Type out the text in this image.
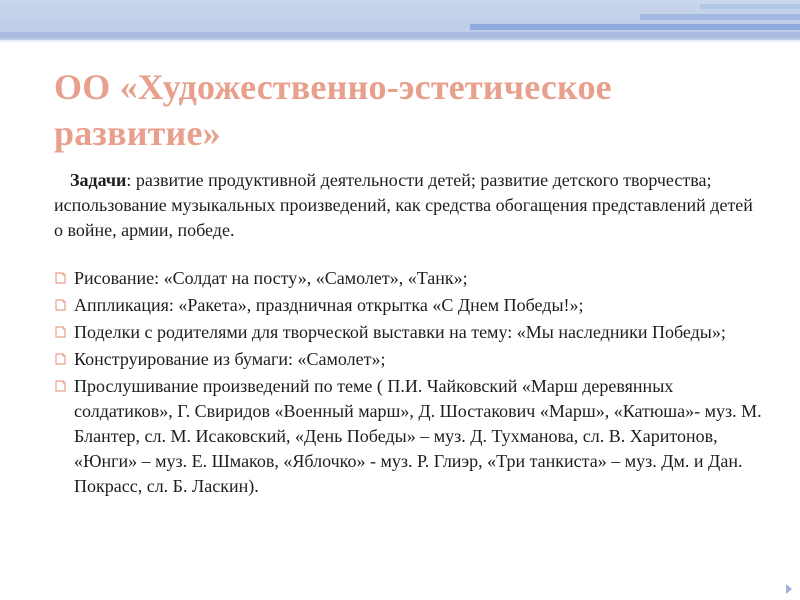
ОО «Художественно-эстетическое развитие»

Задачи: развитие продуктивной деятельности детей; развитие детского творчества; использование музыкальных произведений, как средства обогащения представлений детей о войне, армии, победе.

Рисование: «Солдат на посту», «Самолет», «Танк»;
Аппликация: «Ракета», праздничная открытка «С Днем Победы!»;
Поделки с родителями для творческой выставки на тему: «Мы наследники Победы»;
Конструирование из бумаги: «Самолет»;
Прослушивание произведений по теме ( П.И. Чайковский «Марш деревянных солдатиков», Г. Свиридов «Военный марш», Д. Шостакович «Марш», «Катюша»- муз. М. Блантер, сл. М. Исаковский, «День Победы» – муз. Д. Тухманова, сл. В. Харитонов, «Юнги» – муз. Е. Шмаков, «Яблочко» - муз. Р. Глиэр, «Три танкиста» – муз. Дм. и Дан. Покрасс, сл. Б. Ласкин).
